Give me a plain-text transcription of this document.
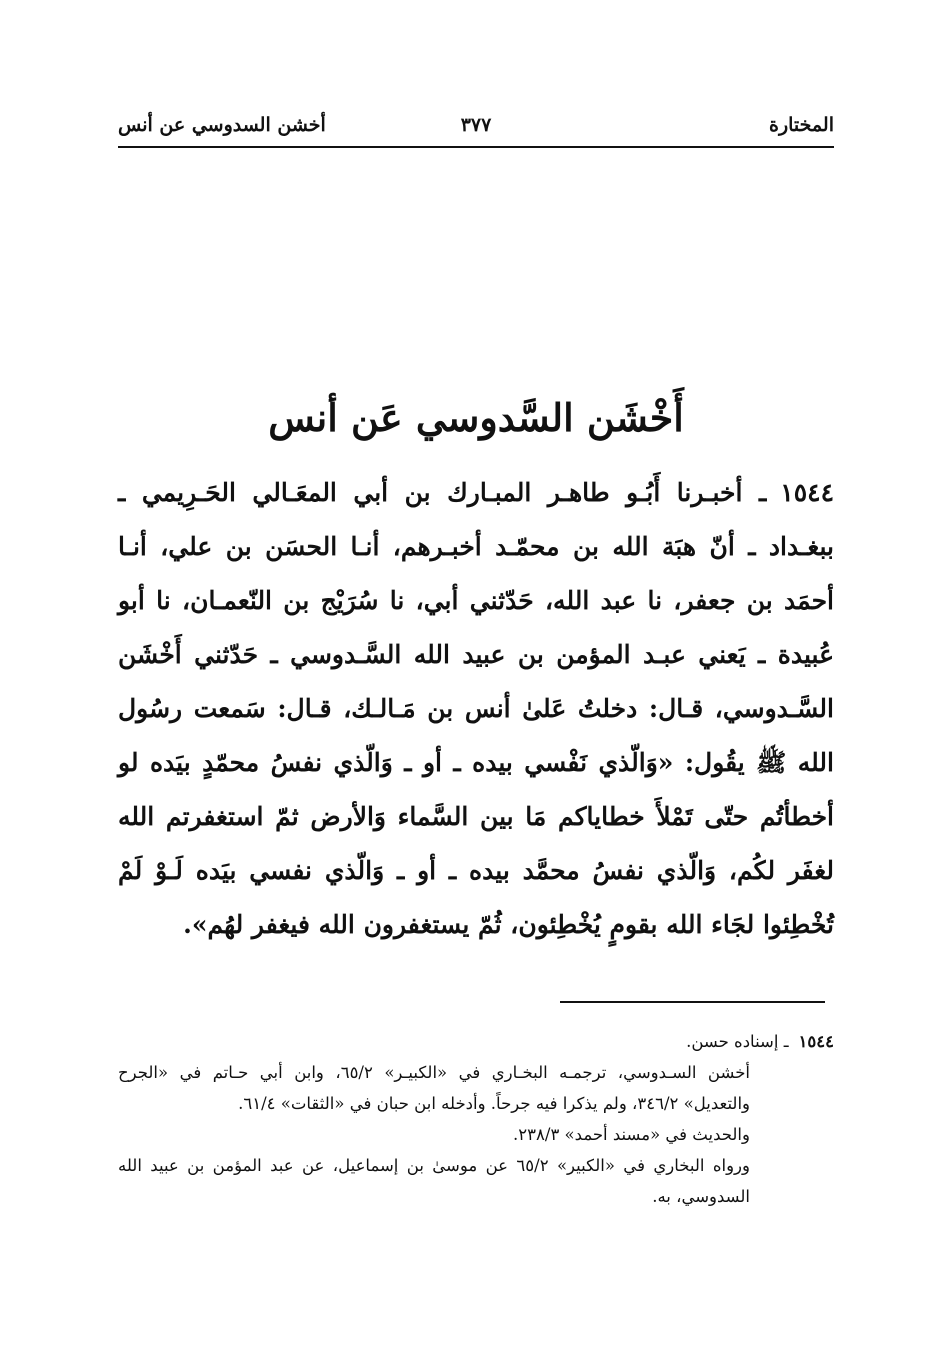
المختارة
٣٧٧
أخشن السدوسي عن أنس
أَخْشَن السَّدوسي عَن أنس
١٥٤٤ـ أخبـرنا أَبُـو طاهـر المبـارك بن أبي المعَـالي الحَـرِيمي ـ ببغـداد ـ أنّ هبَة الله بن محمّـد أخبـرهم، أنـا الحسَن بن علي، أنـا أحمَد بن جعفر، نا عبد الله، حَدّثني أبي، نا سُرَيْج بن النّعمـان، نا أبو عُبيدة ـ يَعني عبـد المؤمن بن عبيد الله السَّـدوسي ـ حَدّثني أَخْشَن السَّـدوسي، قـال: دخلتُ عَلىٰ أنس بن مَـالـك، قـال: سَمعت رسُول الله ﷺ يقُول: «وَالّذي نَفْسي بيده ـ أو ـ وَالّذي نفسُ محمّدٍ بيَده لو أخطأتُم حتّى تَمْلأَ خطاياكم مَا بين السَّماء وَالأرض ثمّ استغفرتم الله لغفَر لكُم، وَالّذي نفسُ محمَّد بيده ـ أو ـ وَالّذي نفسي بيَده لَـوْ لَمْ تُخْطِئوا لجَاء الله بقومٍ يُخْطِئون، ثُمّ يستغفرون الله فيغفر لهُم».

١٥٤٤ـ إسناده حسن.

أخشن السـدوسي، ترجمـه البخـاري في «الكبيـر» ٦٥/٢، وابن أبي حـاتم في «الجرح والتعديل» ٣٤٦/٢، ولم يذكرا فيه جرحاً. وأدخله ابن حبان في «الثقات» ٦١/٤.

والحديث في «مسند أحمد» ٢٣٨/٣.

ورواه البخاري في «الكبير» ٦٥/٢ عن موسىٰ بن إسماعيل، عن عبد المؤمن بن عبيد الله السدوسي، به.
